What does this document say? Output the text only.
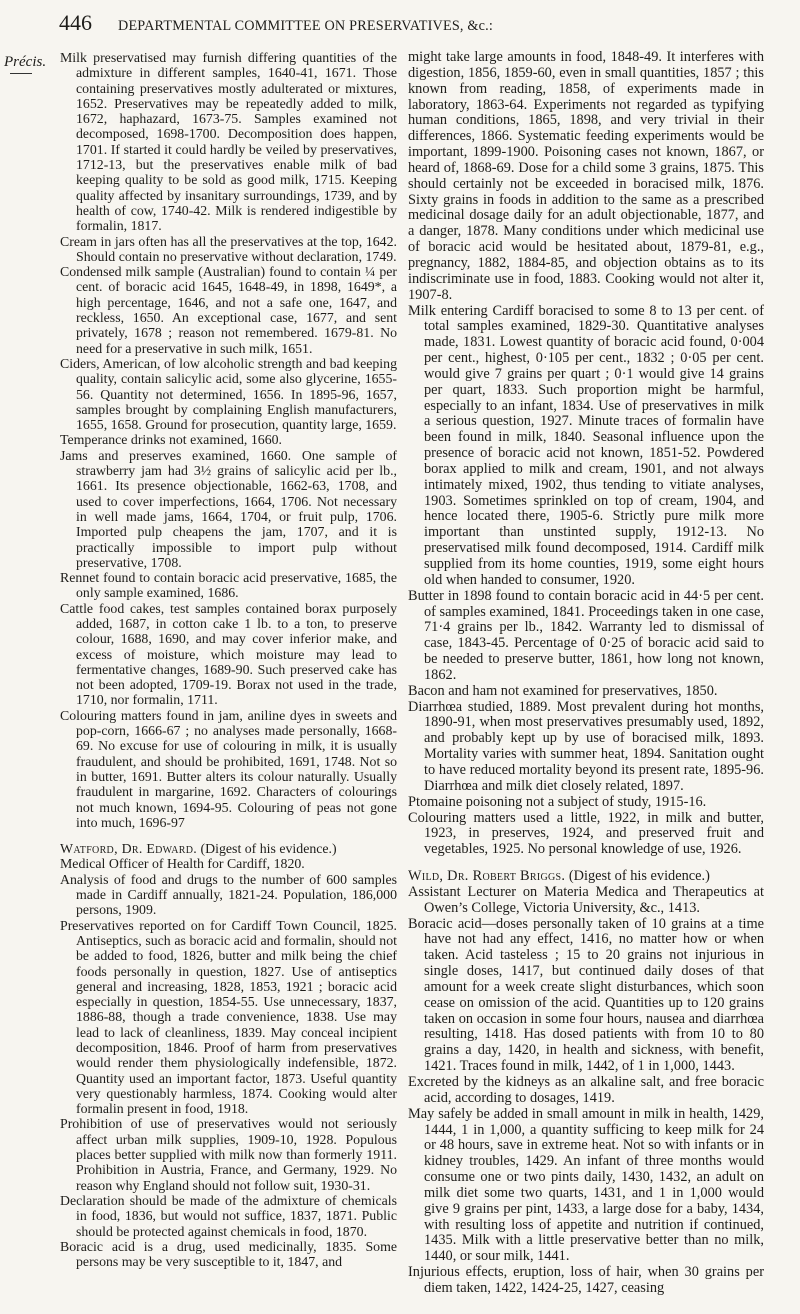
446 DEPARTMENTAL COMMITTEE ON PRESERVATIVES, &c.:
Précis. Milk preservatised may furnish differing quantities of the admixture in different samples, 1640-41, 1671. Those containing preservatives mostly adulterated or mixtures, 1652. Preservatives may be repeatedly added to milk, 1672, haphazard, 1673-75. Samples examined not decomposed, 1698-1700. Decomposition does happen, 1701. If started it could hardly be veiled by preservatives, 1712-13, but the preservatives enable milk of bad keeping quality to be sold as good milk, 1715. Keeping quality affected by insanitary surroundings, 1739, and by health of cow, 1740-42. Milk is rendered indigestible by formalin, 1817.

Cream in jars often has all the preservatives at the top, 1642. Should contain no preservative without declaration, 1749.

Condensed milk sample (Australian) found to contain ¼ per cent. of boracic acid 1645, 1648-49, in 1898, 1649*, a high percentage, 1646, and not a safe one, 1647, and reckless, 1650. An exceptional case, 1677, and sent privately, 1678 ; reason not remembered. 1679-81. No need for a preservative in such milk, 1651.

Ciders, American, of low alcoholic strength and bad keeping quality, contain salicylic acid, some also glycerine, 1655-56. Quantity not determined, 1656. In 1895-96, 1657, samples brought by complaining English manufacturers, 1655, 1658. Ground for prosecution, quantity large, 1659.

Temperance drinks not examined, 1660.

Jams and preserves examined, 1660. One sample of strawberry jam had 3½ grains of salicylic acid per lb., 1661. Its presence objectionable, 1662-63, 1708, and used to cover imperfections, 1664, 1706. Not necessary in well made jams, 1664, 1704, or fruit pulp, 1706. Imported pulp cheapens the jam, 1707, and it is practically impossible to import pulp without preservative, 1708.

Rennet found to contain boracic acid preservative, 1685, the only sample examined, 1686.

Cattle food cakes, test samples contained borax purposely added, 1687, in cotton cake 1 lb. to a ton, to preserve colour, 1688, 1690, and may cover inferior make, and excess of moisture, which moisture may lead to fermentative changes, 1689-90. Such preserved cake has not been adopted, 1709-19. Borax not used in the trade, 1710, nor formalin, 1711.

Colouring matters found in jam, aniline dyes in sweets and pop-corn, 1666-67 ; no analyses made personally, 1668-69. No excuse for use of colouring in milk, it is usually fraudulent, and should be prohibited, 1691, 1748. Not so in butter, 1691. Butter alters its colour naturally. Usually fraudulent in margarine, 1692. Characters of colourings not much known, 1694-95. Colouring of peas not gone into much, 1696-97

Watford, Dr. Edward. (Digest of his evidence.)

Medical Officer of Health for Cardiff, 1820.

Analysis of food and drugs to the number of 600 samples made in Cardiff annually, 1821-24. Population, 186,000 persons, 1909.

Preservatives reported on for Cardiff Town Council, 1825. Antiseptics, such as boracic acid and formalin, should not be added to food, 1826, butter and milk being the chief foods personally in question, 1827. Use of antiseptics general and increasing, 1828, 1853, 1921 ; boracic acid especially in question, 1854-55. Use unnecessary, 1837, 1886-88, though a trade convenience, 1838. Use may lead to lack of cleanliness, 1839. May conceal incipient decomposition, 1846. Proof of harm from preservatives would render them physiologically indefensible, 1872. Quantity used an important factor, 1873. Useful quantity very questionably harmless, 1874. Cooking would alter formalin present in food, 1918.

Prohibition of use of preservatives would not seriously affect urban milk supplies, 1909-10, 1928. Populous places better supplied with milk now than formerly 1911. Prohibition in Austria, France, and Germany, 1929. No reason why England should not follow suit, 1930-31.

Declaration should be made of the admixture of chemicals in food, 1836, but would not suffice, 1837, 1871. Public should be protected against chemicals in food, 1870.

Boracic acid is a drug, used medicinally, 1835. Some persons may be very susceptible to it, 1847, and

might take large amounts in food, 1848-49. It interferes with digestion, 1856, 1859-60, even in small quantities, 1857 ; this known from reading, 1858, of experiments made in laboratory, 1863-64. Experiments not regarded as typifying human conditions, 1865, 1898, and very trivial in their differences, 1866. Systematic feeding experiments would be important, 1899-1900. Poisoning cases not known, 1867, or heard of, 1868-69. Dose for a child some 3 grains, 1875. This should certainly not be exceeded in boracised milk, 1876. Sixty grains in foods in addition to the same as a prescribed medicinal dosage daily for an adult objectionable, 1877, and a danger, 1878. Many conditions under which medicinal use of boracic acid would be hesitated about, 1879-81, e.g., pregnancy, 1882, 1884-85, and objection obtains as to its indiscriminate use in food, 1883. Cooking would not alter it, 1907-8.

Milk entering Cardiff boracised to some 8 to 13 per cent. of total samples examined, 1829-30. Quantitative analyses made, 1831. Lowest quantity of boracic acid found, 0·004 per cent., highest, 0·105 per cent., 1832 ; 0·05 per cent. would give 7 grains per quart ; 0·1 would give 14 grains per quart, 1833. Such proportion might be harmful, especially to an infant, 1834. Use of preservatives in milk a serious question, 1927. Minute traces of formalin have been found in milk, 1840. Seasonal influence upon the presence of boracic acid not known, 1851-52. Powdered borax applied to milk and cream, 1901, and not always intimately mixed, 1902, thus tending to vitiate analyses, 1903. Sometimes sprinkled on top of cream, 1904, and hence located there, 1905-6. Strictly pure milk more important than unstinted supply, 1912-13. No preservatised milk found decomposed, 1914. Cardiff milk supplied from its home counties, 1919, some eight hours old when handed to consumer, 1920.

Butter in 1898 found to contain boracic acid in 44·5 per cent. of samples examined, 1841. Proceedings taken in one case, 71·4 grains per lb., 1842. Warranty led to dismissal of case, 1843-45. Percentage of 0·25 of boracic acid said to be needed to preserve butter, 1861, how long not known, 1862.

Bacon and ham not examined for preservatives, 1850.

Diarrhœa studied, 1889. Most prevalent during hot months, 1890-91, when most preservatives presumably used, 1892, and probably kept up by use of boracised milk, 1893. Mortality varies with summer heat, 1894. Sanitation ought to have reduced mortality beyond its present rate, 1895-96. Diarrhœa and milk diet closely related, 1897.

Ptomaine poisoning not a subject of study, 1915-16.

Colouring matters used a little, 1922, in milk and butter, 1923, in preserves, 1924, and preserved fruit and vegetables, 1925. No personal knowledge of use, 1926.

Wild, Dr. Robert Briggs. (Digest of his evidence.)

Assistant Lecturer on Materia Medica and Therapeutics at Owen’s College, Victoria University, &c., 1413.

Boracic acid—doses personally taken of 10 grains at a time have not had any effect, 1416, no matter how or when taken. Acid tasteless ; 15 to 20 grains not injurious in single doses, 1417, but continued daily doses of that amount for a week create slight disturbances, which soon cease on omission of the acid. Quantities up to 120 grains taken on occasion in some four hours, nausea and diarrhœa resulting, 1418. Has dosed patients with from 10 to 80 grains a day, 1420, in health and sickness, with benefit, 1421. Traces found in milk, 1442, of 1 in 1,000, 1443.

Excreted by the kidneys as an alkaline salt, and free boracic acid, according to dosages, 1419.

May safely be added in small amount in milk in health, 1429, 1444, 1 in 1,000, a quantity sufficing to keep milk for 24 or 48 hours, save in extreme heat. Not so with infants or in kidney troubles, 1429. An infant of three months would consume one or two pints daily, 1430, 1432, an adult on milk diet some two quarts, 1431, and 1 in 1,000 would give 9 grains per pint, 1433, a large dose for a baby, 1434, with resulting loss of appetite and nutrition if continued, 1435. Milk with a little preservative better than no milk, 1440, or sour milk, 1441.

Injurious effects, eruption, loss of hair, when 30 grains per diem taken, 1422, 1424-25, 1427, ceasing
